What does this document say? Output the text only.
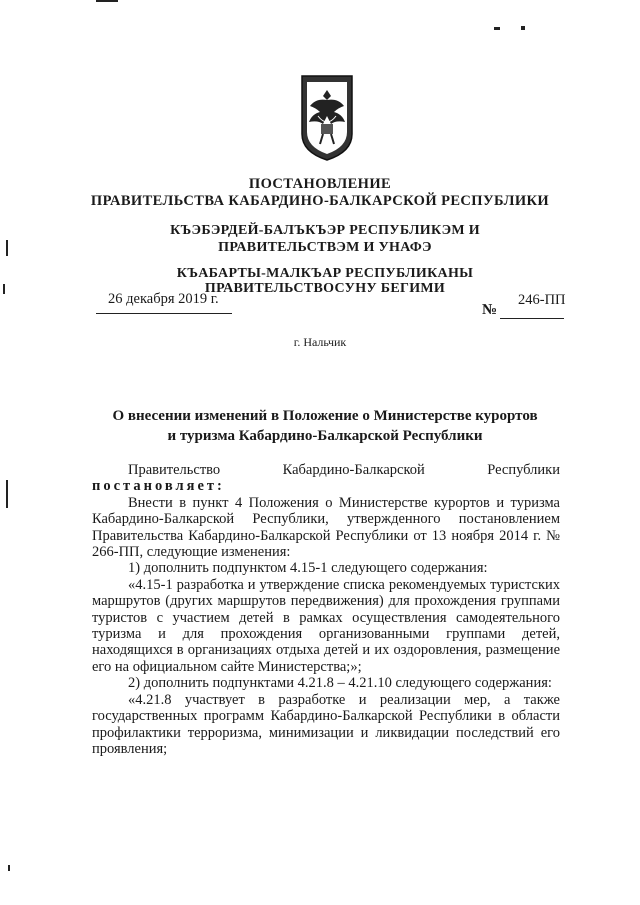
ПОСТАНОВЛЕНИЕ
ПРАВИТЕЛЬСТВА КАБАРДИНО-БАЛКАРСКОЙ РЕСПУБЛИКИ
КЪЭБЭРДЕЙ-БАЛЪКЪЭР РЕСПУБЛИКЭМ И ПРАВИТЕЛЬСТВЭМ И УНАФЭ
КЪАБАРТЫ-МАЛКЪАР РЕСПУБЛИКАНЫ ПРАВИТЕЛЬСТВОСУНУ БЕГИМИ
26 декабря 2019 г.
№
246-ПП
г. Нальчик
О внесении изменений в Положение о Министерстве курортов
и туризма Кабардино-Балкарской Республики

Правительство Кабардино-Балкарской Республики

постановляет:

Внести в пункт 4 Положения о Министерстве курортов и туризма Кабардино-Балкарской Республики, утвержденного постановлением Правительства Кабардино-Балкарской Республики от 13 ноября 2014 г. № 266-ПП, следующие изменения:

1) дополнить подпунктом 4.15-1 следующего содержания:

«4.15-1 разработка и утверждение списка рекомендуемых туристских маршрутов (других маршрутов передвижения) для прохождения группами туристов с участием детей в рамках осуществления самодеятельного туризма и для прохождения организованными группами детей, находящихся в организациях отдыха детей и их оздоровления, размещение его на официальном сайте Министерства;»;

2) дополнить подпунктами 4.21.8 – 4.21.10 следующего содержания:

«4.21.8 участвует в разработке и реализации мер, а также государственных программ Кабардино-Балкарской Республики в области профилактики терроризма, минимизации и ликвидации последствий его проявления;
